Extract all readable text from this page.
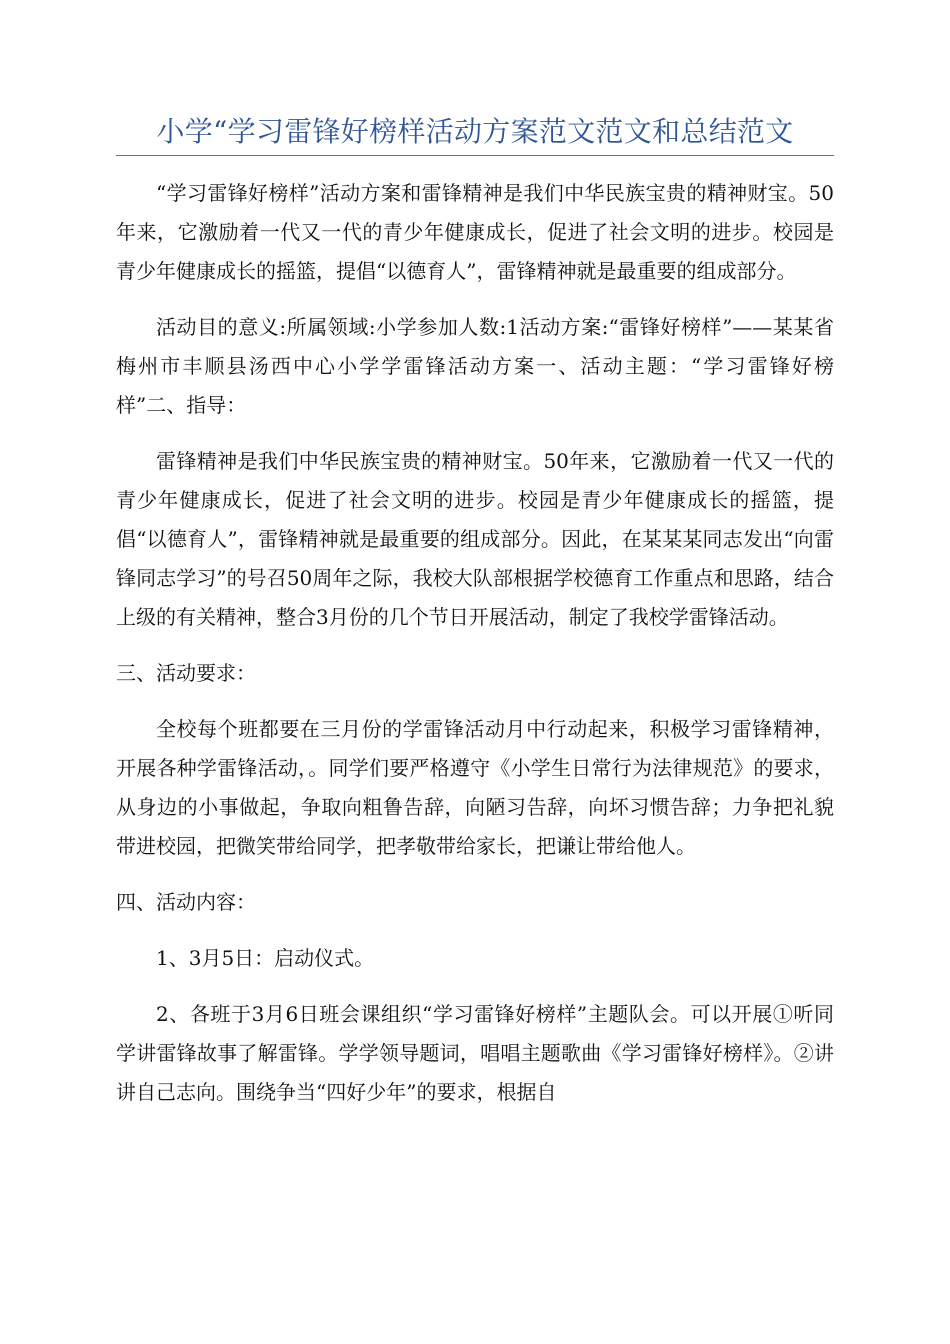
小学“学习雷锋好榜样活动方案范文范文和总结范文

“学习雷锋好榜样”活动方案和雷锋精神是我们中华民族宝贵的精神财宝。50年来，它激励着一代又一代的青少年健康成长，促进了社会文明的进步。校园是青少年健康成长的摇篮，提倡“以德育人”，雷锋精神就是最重要的组成部分。

活动目的意义:所属领域:小学参加人数:1活动方案:“雷锋好榜样”——某某省梅州市丰顺县汤西中心小学学雷锋活动方案一、活动主题：“学习雷锋好榜样”二、指导：

雷锋精神是我们中华民族宝贵的精神财宝。50年来，它激励着一代又一代的青少年健康成长，促进了社会文明的进步。校园是青少年健康成长的摇篮，提倡“以德育人”，雷锋精神就是最重要的组成部分。因此，在某某某同志发出“向雷锋同志学习”的号召50周年之际，我校大队部根据学校德育工作重点和思路，结合上级的有关精神，整合3月份的几个节日开展活动，制定了我校学雷锋活动。

三、活动要求：

全校每个班都要在三月份的学雷锋活动月中行动起来，积极学习雷锋精神，开展各种学雷锋活动，。同学们要严格遵守《小学生日常行为法律规范》的要求，从身边的小事做起，争取向粗鲁告辞，向陋习告辞，向坏习惯告辞；力争把礼貌带进校园，把微笑带给同学，把孝敬带给家长，把谦让带给他人。

四、活动内容：

1、3月5日：启动仪式。

2、各班于3月6日班会课组织“学习雷锋好榜样”主题队会。可以开展①听同学讲雷锋故事了解雷锋。学学领导题词，唱唱主题歌曲《学习雷锋好榜样》。②讲讲自己志向。围绕争当“四好少年”的要求，根据自
